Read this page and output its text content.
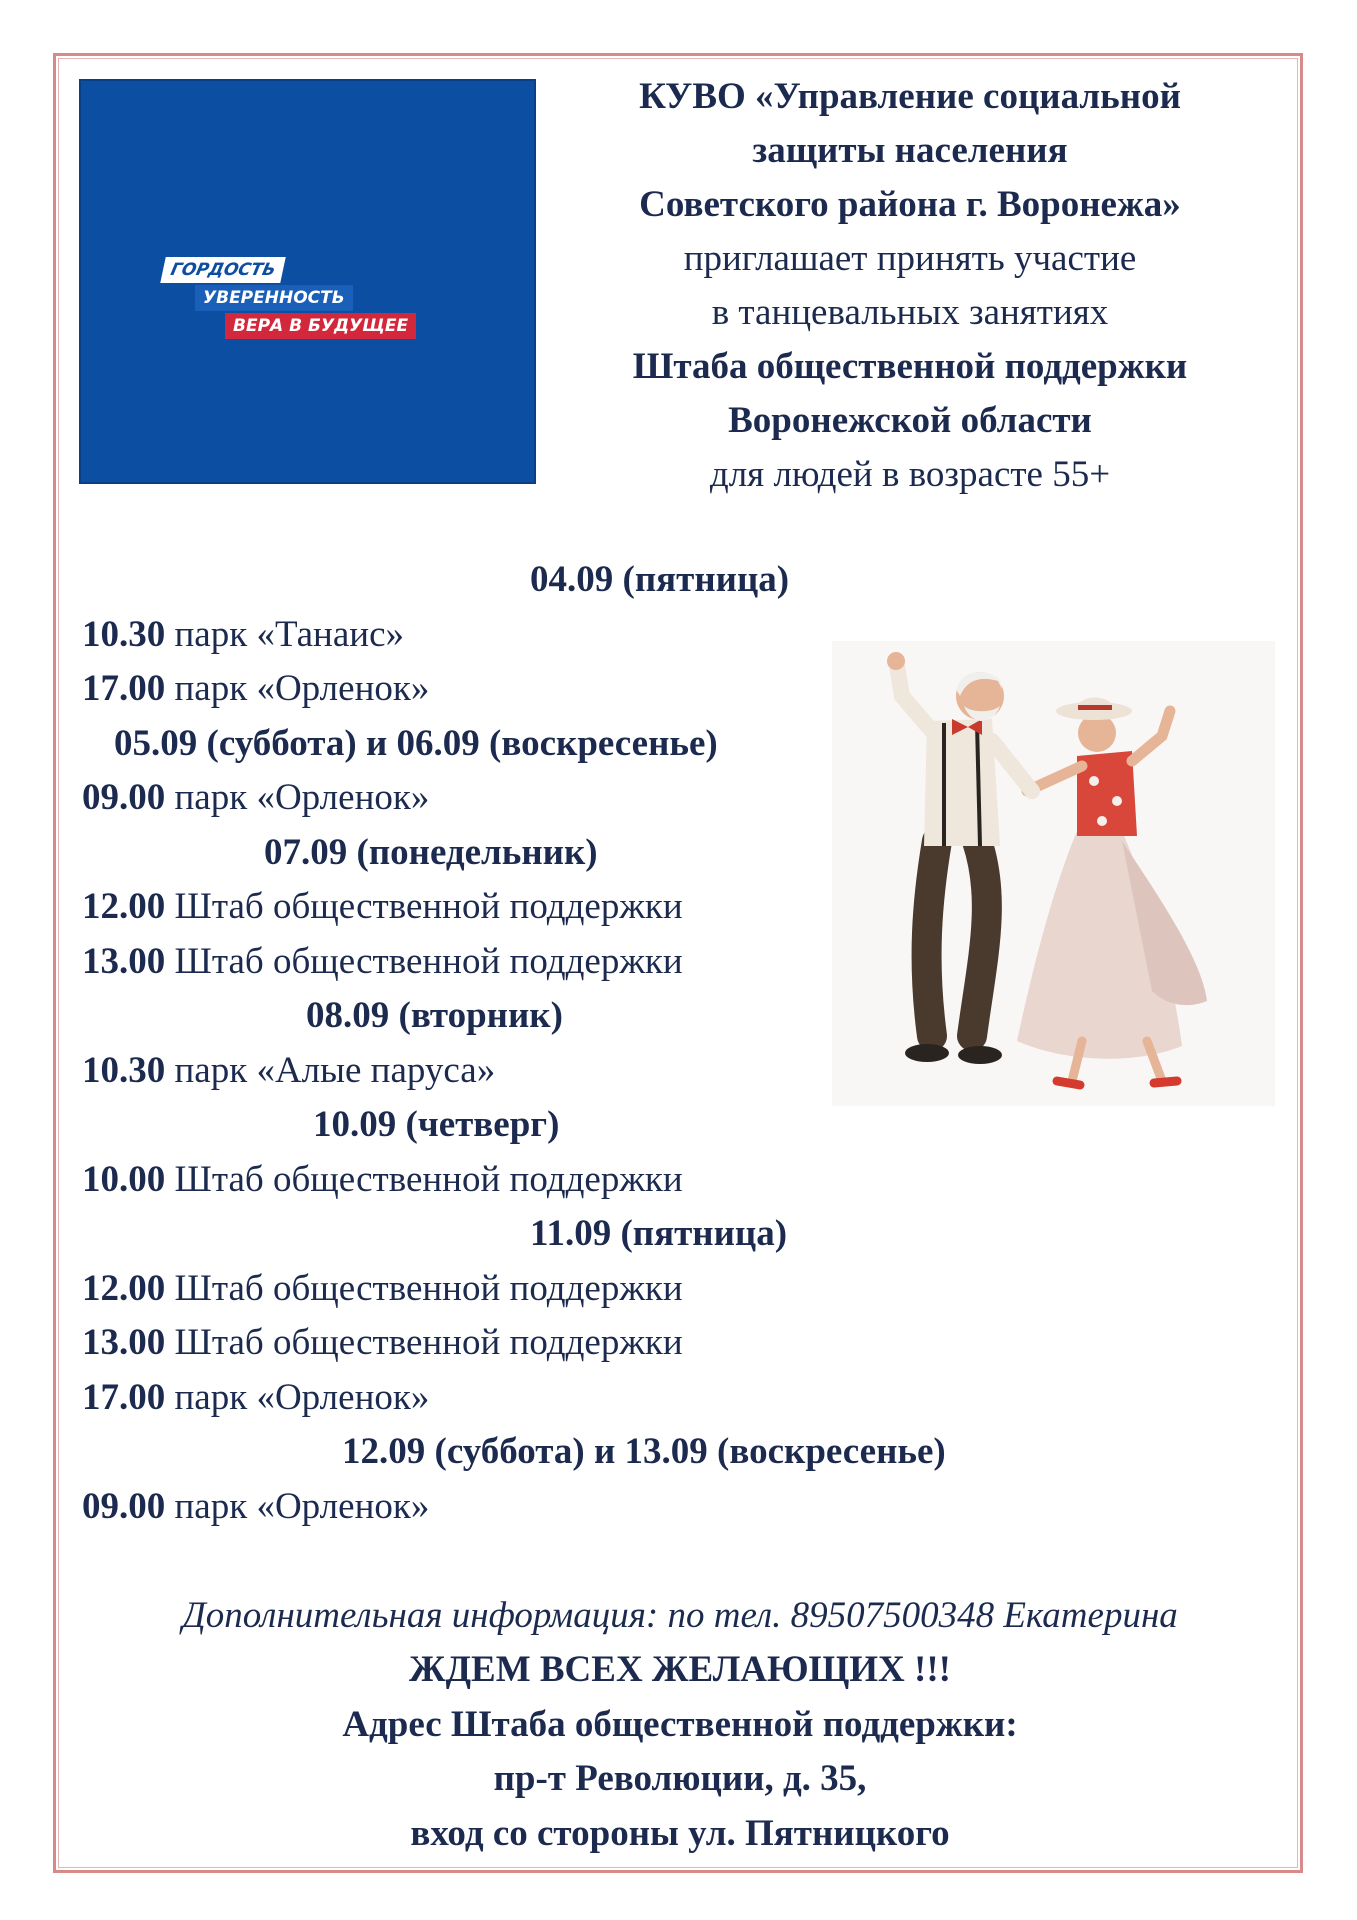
ГОРДОСТЬ
УВЕРЕННОСТЬ
ВЕРА В БУДУЩЕЕ
КУВО «Управление социальной
защиты населения
Советского района г. Воронежа»
приглашает принять участие
в танцевальных занятиях
Штаба общественной поддержки
Воронежской области
для людей в возрасте 55+
04.09 (пятница)
10.30 парк «Танаис»
17.00 парк «Орленок»
05.09 (суббота) и 06.09 (воскресенье)
09.00 парк «Орленок»
07.09 (понедельник)
12.00 Штаб общественной поддержки
13.00 Штаб общественной поддержки
08.09 (вторник)
10.30 парк «Алые паруса»
10.09 (четверг)
10.00 Штаб общественной поддержки
11.09 (пятница)
12.00 Штаб общественной поддержки
13.00 Штаб общественной поддержки
17.00 парк «Орленок»
12.09 (суббота) и 13.09 (воскресенье)
09.00 парк «Орленок»
Дополнительная информация: по тел. 89507500348 Екатерина
ЖДЕМ ВСЕХ ЖЕЛАЮЩИХ !!!
Адрес Штаба общественной поддержки:
пр-т Революции, д. 35,
вход со стороны ул. Пятницкого
